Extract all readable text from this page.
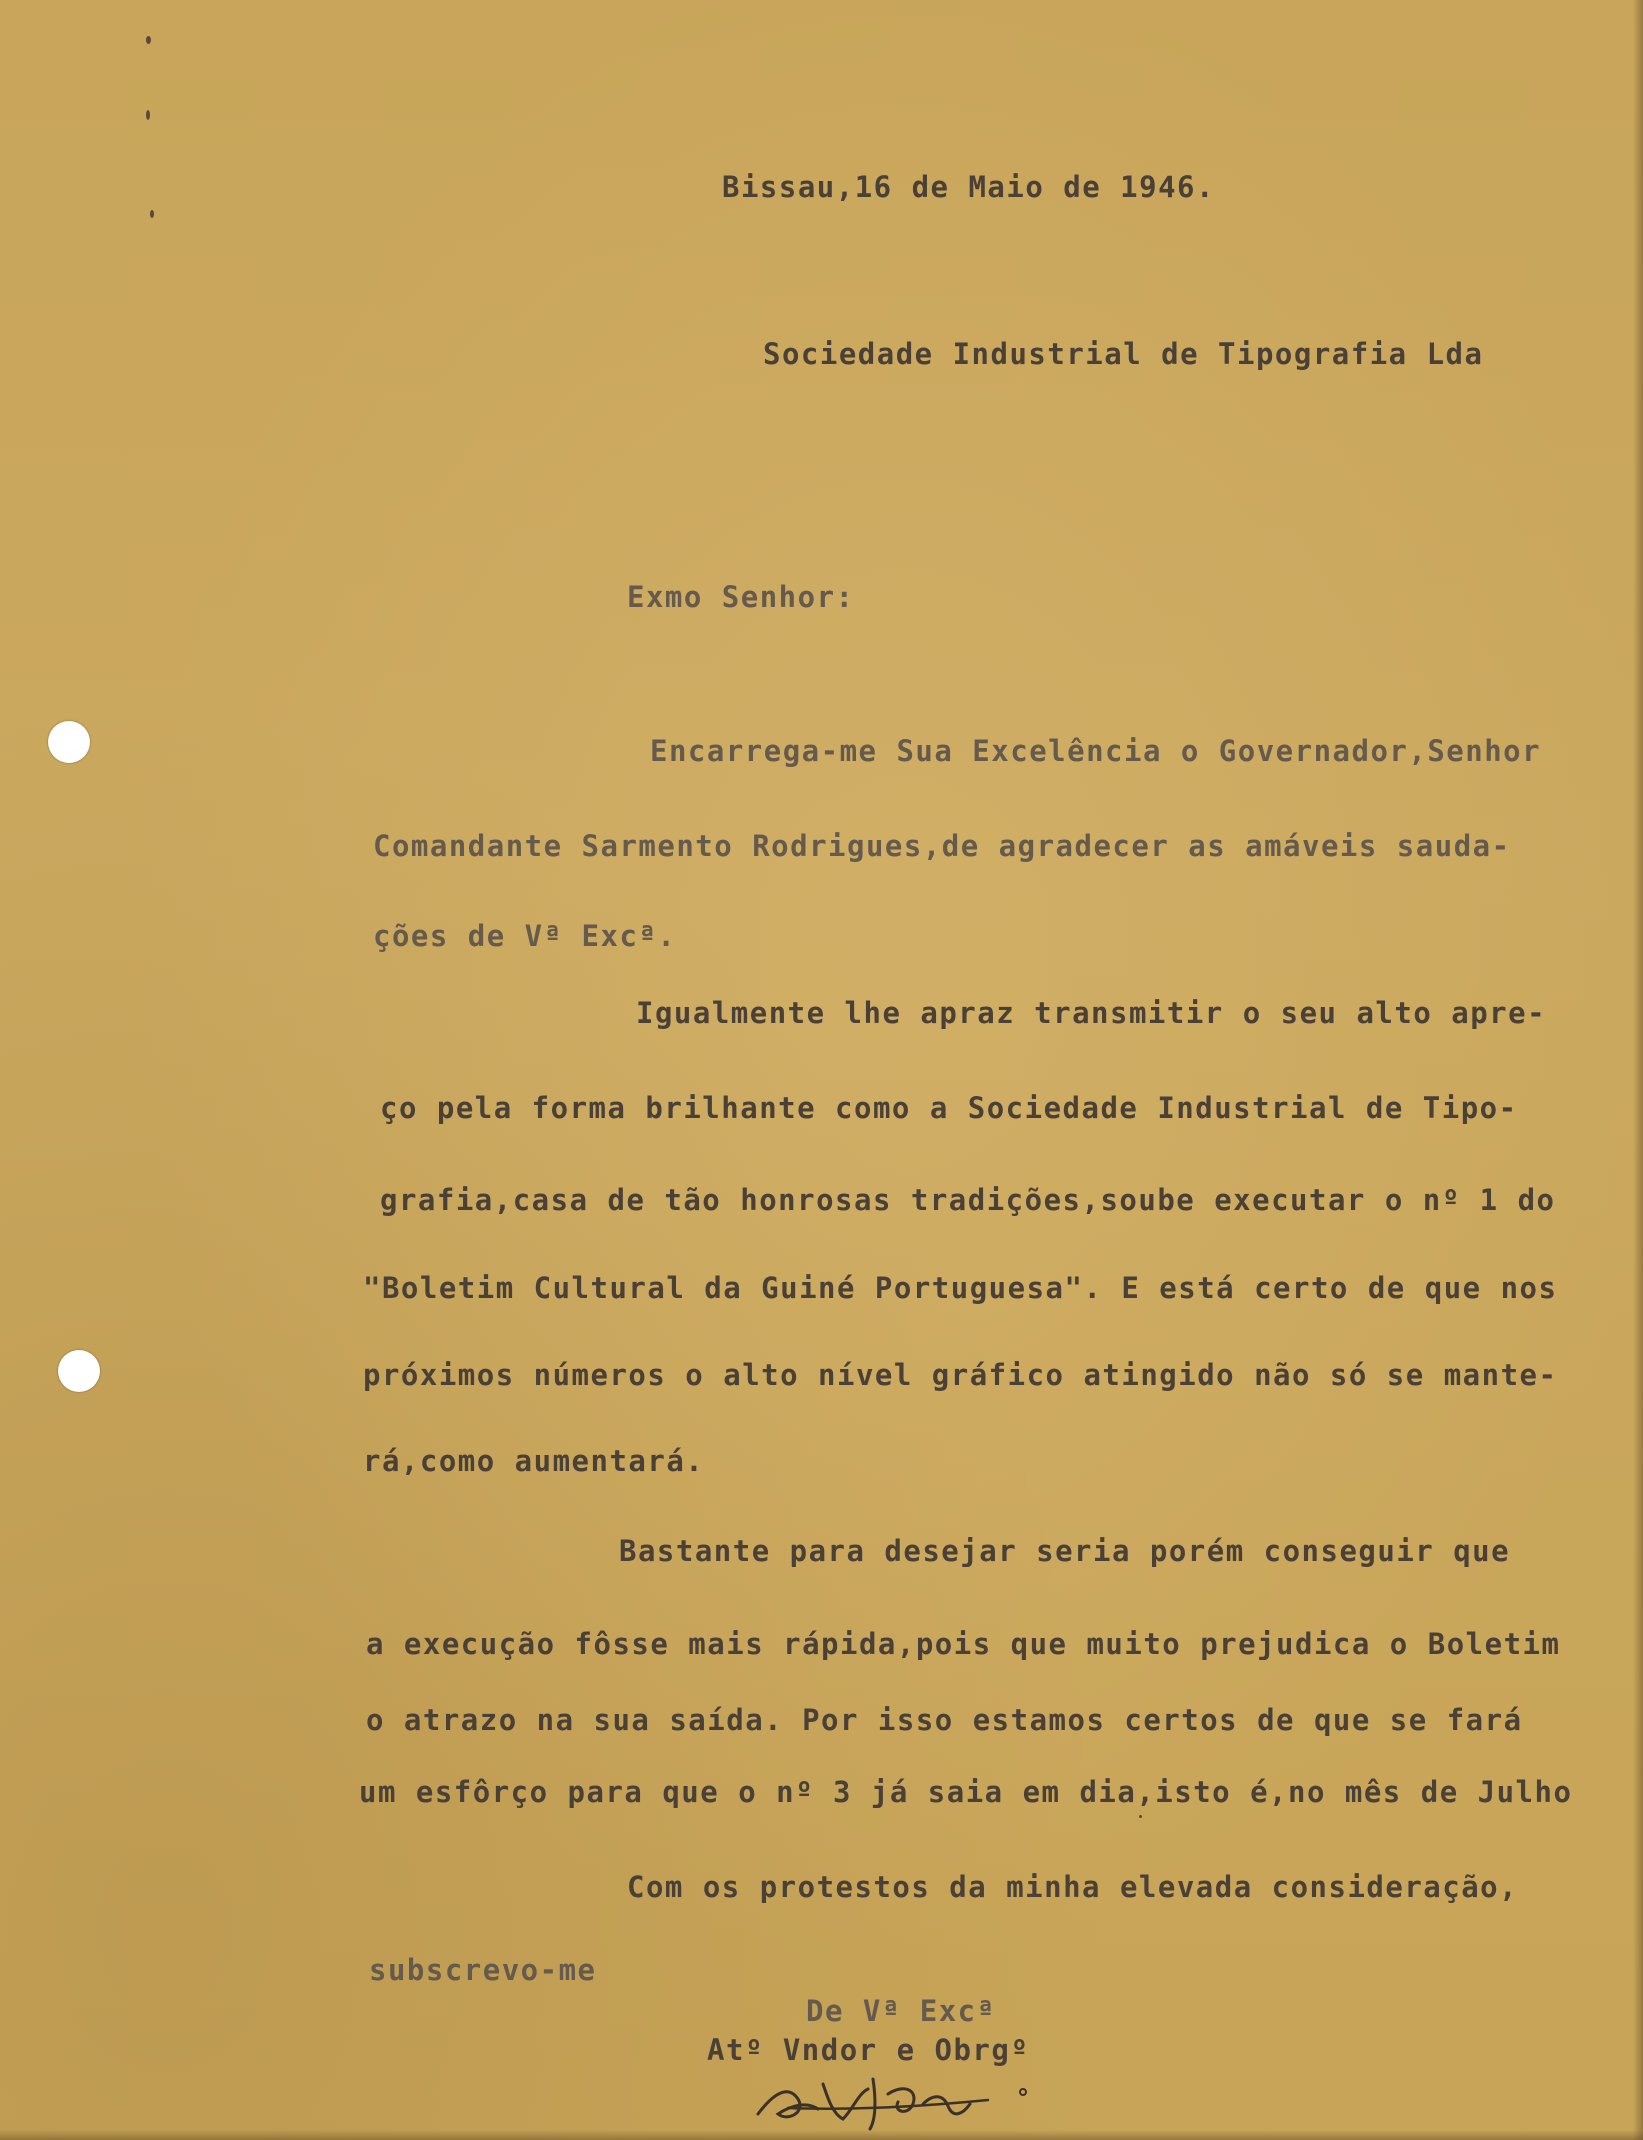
Bissau,16 de Maio de 1946.
Sociedade Industrial de Tipografia Lda
Exmo Senhor:
Encarrega-me Sua Excelência o Governador,Senhor
Comandante Sarmento Rodrigues,de agradecer as amáveis sauda-
ções de Vª Excª.
Igualmente lhe apraz transmitir o seu alto apre-
ço pela forma brilhante como a Sociedade Industrial de Tipo-
grafia,casa de tão honrosas tradições,soube executar o nº 1 do
"Boletim Cultural da Guiné Portuguesa". E está certo de que nos
próximos números o alto nível gráfico atingido não só se mante-
rá,como aumentará.
Bastante para desejar seria porém conseguir que
a execução fôsse mais rápida,pois que muito prejudica o Boletim
o atrazo na sua saída. Por isso estamos certos de que se fará
um esfôrço para que o nº 3 já saia em dia,isto é,no mês de Julho
Com os protestos da minha elevada consideração,
subscrevo-me
De Vª Excª
Atº Vndor e Obrgº
